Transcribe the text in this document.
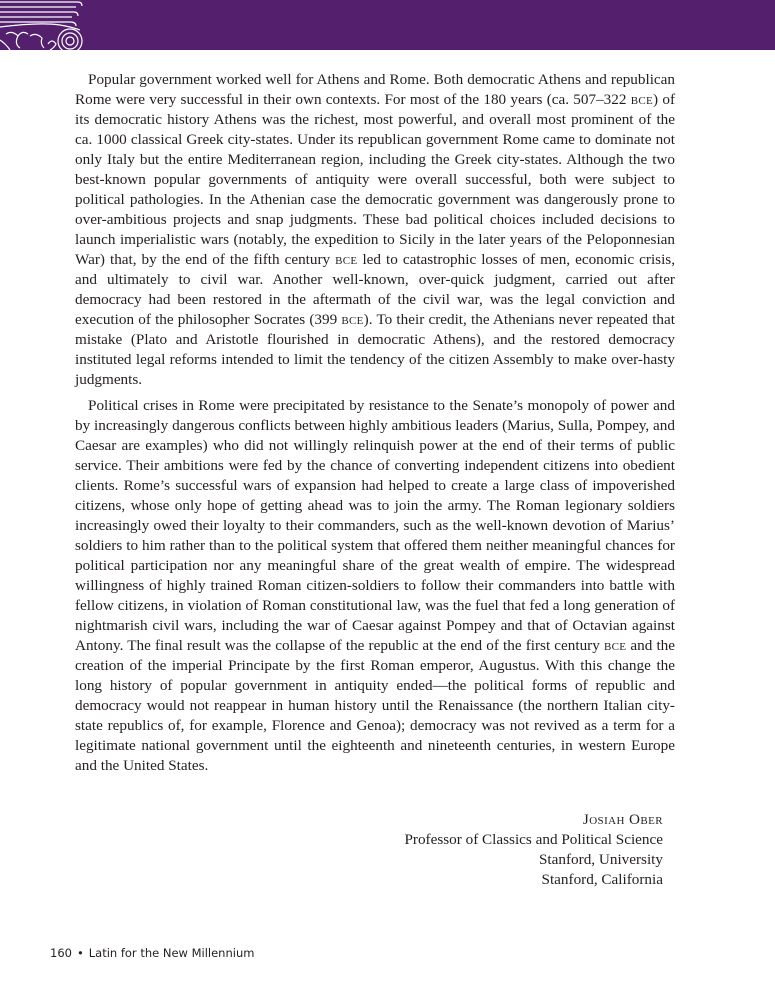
Popular government worked well for Athens and Rome. Both democratic Athens and republican Rome were very successful in their own contexts. For most of the 180 years (ca. 507–322 bce) of its democratic history Athens was the richest, most powerful, and overall most prominent of the ca. 1000 classical Greek city-states. Under its republican government Rome came to dominate not only Italy but the entire Mediterranean region, including the Greek city-states. Although the two best-known popular governments of antiquity were overall successful, both were subject to political pathologies. In the Athenian case the democratic government was dangerously prone to over-ambitious projects and snap judgments. These bad political choices included decisions to launch imperialistic wars (notably, the expedition to Sicily in the later years of the Peloponnesian War) that, by the end of the fifth century bce led to catastrophic losses of men, economic crisis, and ultimately to civil war. Another well-known, over-quick judgment, carried out after democracy had been restored in the aftermath of the civil war, was the legal conviction and execution of the philosopher Socrates (399 bce). To their credit, the Athenians never repeated that mistake (Plato and Aristotle flourished in democratic Athens), and the restored democracy instituted legal reforms intended to limit the tendency of the citizen Assembly to make over-hasty judgments.

Political crises in Rome were precipitated by resistance to the Senate’s monopoly of power and by increasingly dangerous conflicts between highly ambitious leaders (Marius, Sulla, Pompey, and Caesar are examples) who did not willingly relinquish power at the end of their terms of public service. Their ambitions were fed by the chance of converting independent citizens into obedient clients. Rome’s successful wars of expansion had helped to create a large class of impoverished citizens, whose only hope of getting ahead was to join the army. The Roman legionary soldiers increasingly owed their loyalty to their commanders, such as the well-known devotion of Marius’ soldiers to him rather than to the political system that offered them neither meaningful chances for political participation nor any meaningful share of the great wealth of empire. The widespread willingness of highly trained Roman citizen-soldiers to follow their commanders into battle with fellow citizens, in violation of Roman constitutional law, was the fuel that fed a long generation of nightmarish civil wars, including the war of Caesar against Pompey and that of Octavian against Antony. The final result was the collapse of the republic at the end of the first century bce and the creation of the imperial Principate by the first Roman emperor, Augustus. With this change the long history of popular government in antiquity ended—the political forms of republic and democracy would not reappear in human history until the Renaissance (the northern Italian city-state republics of, for example, Florence and Genoa); democracy was not revived as a term for a legitimate national government until the eighteenth and nineteenth centuries, in western Europe and the United States.

Josiah Ober
Professor of Classics and Political Science
Stanford, University
Stanford, California
160 • Latin for the New Millennium
